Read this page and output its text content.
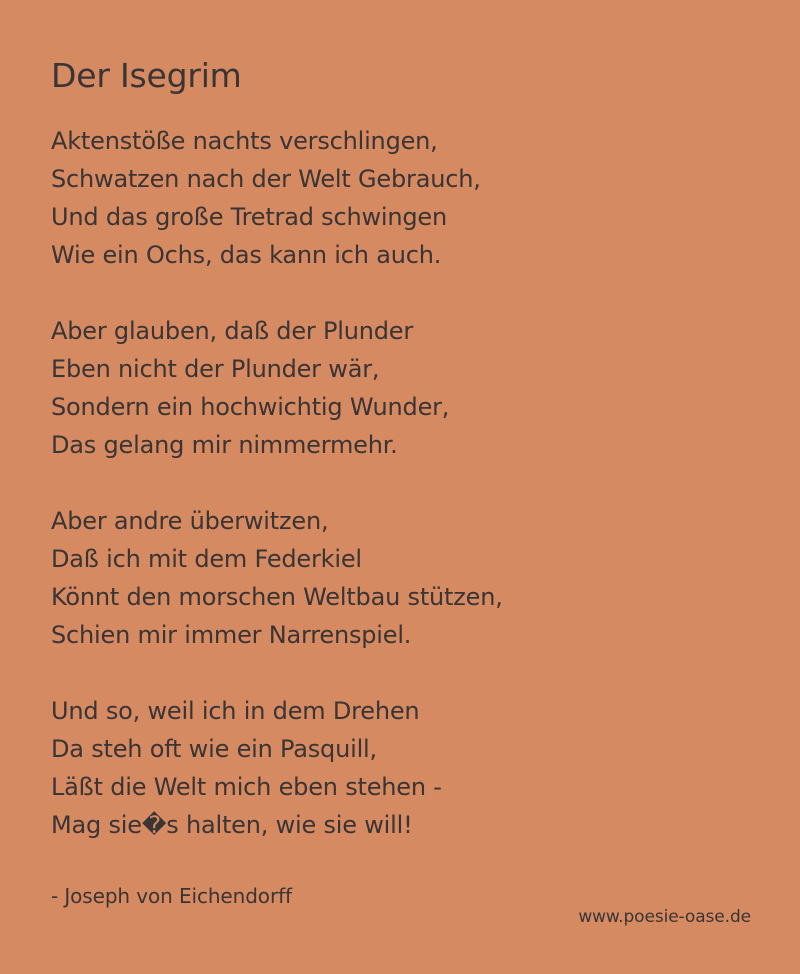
Der Isegrim
Aktenstöße nachts verschlingen,
Schwatzen nach der Welt Gebrauch,
Und das große Tretrad schwingen
Wie ein Ochs, das kann ich auch.
Aber glauben, daß der Plunder
Eben nicht der Plunder wär,
Sondern ein hochwichtig Wunder,
Das gelang mir nimmermehr.
Aber andre überwitzen,
Daß ich mit dem Federkiel
Könnt den morschen Weltbau stützen,
Schien mir immer Narrenspiel.
Und so, weil ich in dem Drehen
Da steh oft wie ein Pasquill,
Läßt die Welt mich eben stehen -
Mag sie�s halten, wie sie will!
- Joseph von Eichendorff
www.poesie-oase.de
